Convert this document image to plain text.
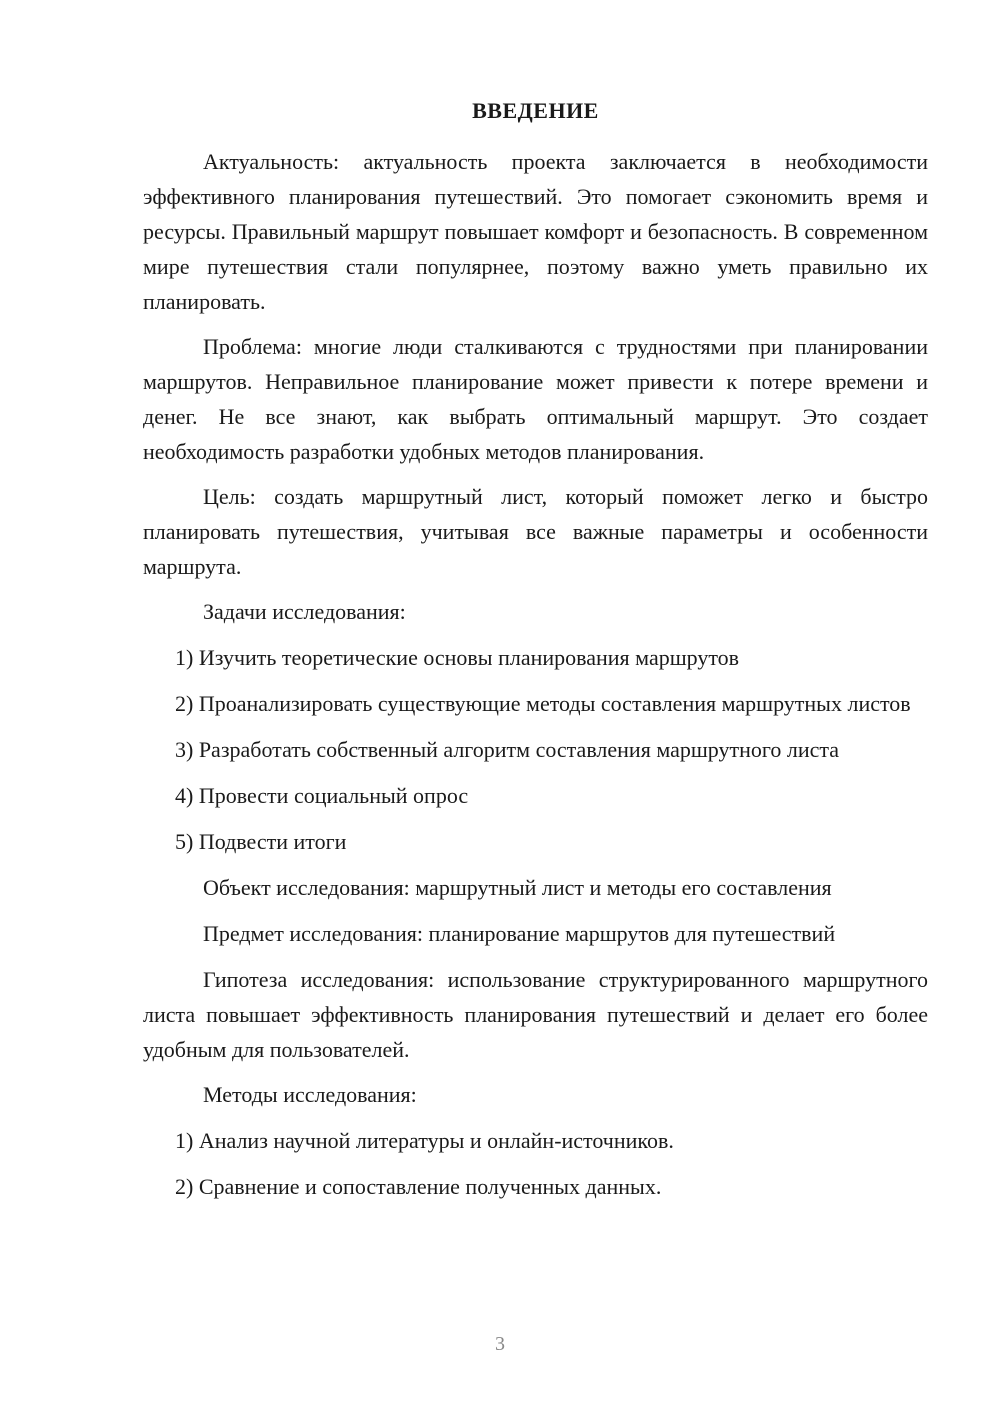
ВВЕДЕНИЕ

Актуальность: актуальность проекта заключается в необходимости эффективного планирования путешествий. Это помогает сэкономить время и ресурсы. Правильный маршрут повышает комфорт и безопасность. В современном мире путешествия стали популярнее, поэтому важно уметь правильно их планировать.

Проблема: многие люди сталкиваются с трудностями при планировании маршрутов. Неправильное планирование может привести к потере времени и денег. Не все знают, как выбрать оптимальный маршрут. Это создает необходимость разработки удобных методов планирования.

Цель: создать маршрутный лист, который поможет легко и быстро планировать путешествия, учитывая все важные параметры и особенности маршрута.

Задачи исследования:

1) Изучить теоретические основы планирования маршрутов

2) Проанализировать существующие методы составления маршрутных листов

3) Разработать собственный алгоритм составления маршрутного листа

4) Провести социальный опрос

5) Подвести итоги

Объект исследования: маршрутный лист и методы его составления

Предмет исследования: планирование маршрутов для путешествий

Гипотеза исследования: использование структурированного маршрутного листа повышает эффективность планирования путешествий и делает его более удобным для пользователей.

Методы исследования:

1) Анализ научной литературы и онлайн-источников.

2) Сравнение и сопоставление полученных данных.

3
